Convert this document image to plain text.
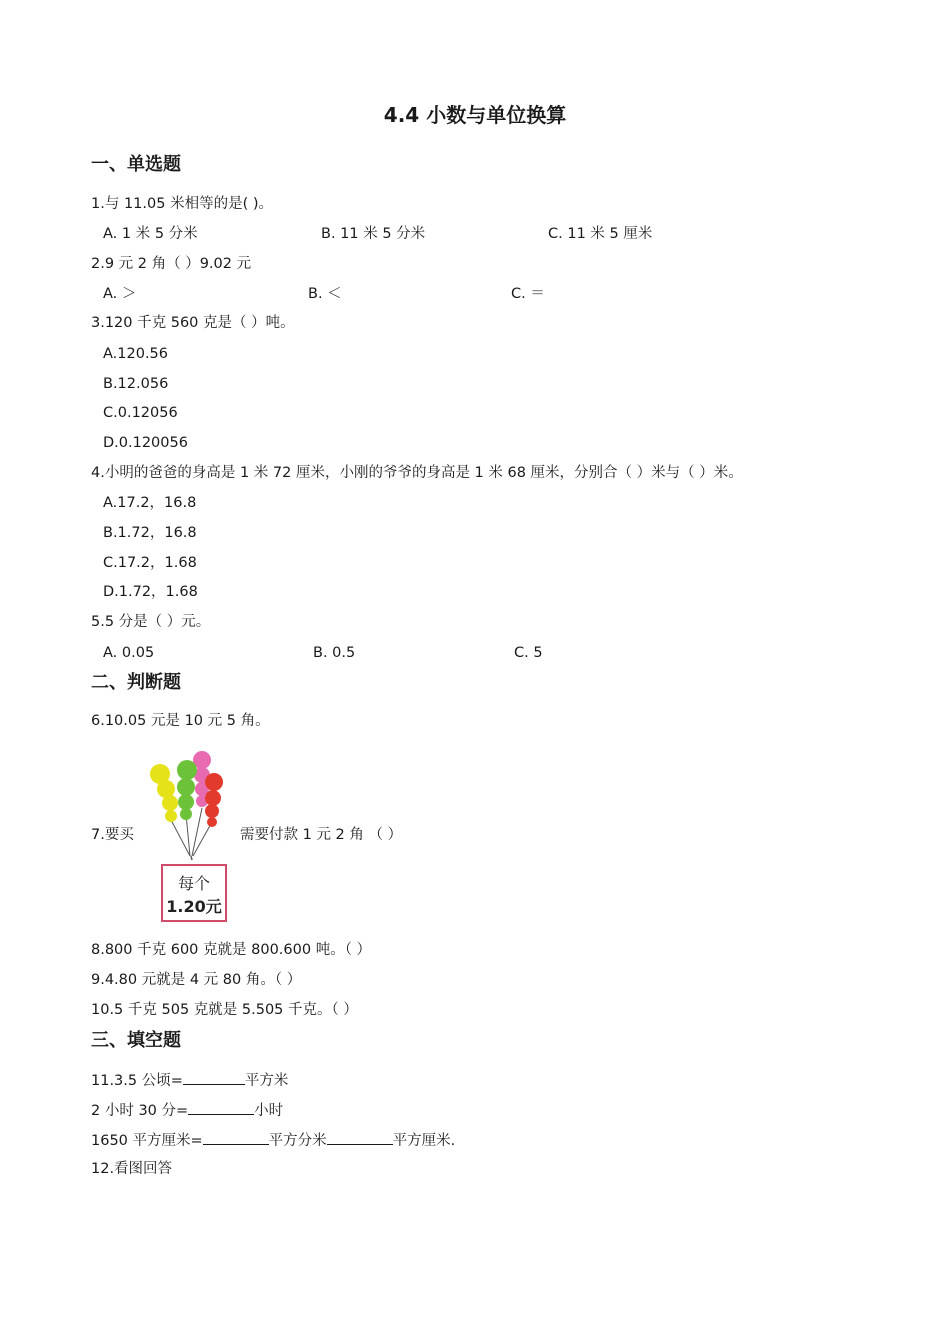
4.4 小数与单位换算
一、单选题
1.与 11.05 米相等的是( )。
A. 1 米 5 分米	B. 11 米 5 分米	C. 11 米 5 厘米
2.9 元 2 角（ ）9.02 元
A. ＞	B. ＜	C. ＝
3.120 千克 560 克是（ ）吨。
A.120.56
B.12.056
C.0.12056
D.0.120056
4.小明的爸爸的身高是 1 米 72 厘米，小刚的爷爷的身高是 1 米 68 厘米，分别合（ ）米与（ ）米。
A.17.2，16.8
B.1.72，16.8
C.17.2，1.68
D.1.72，1.68
5.5 分是（ ）元。
A. 0.05	B. 0.5	C. 5
二、判断题
6.10.05 元是 10 元 5 角。
7.要买
每个
1.20元
需要付款 1 元 2 角 （ ）
8.800 千克 600 克就是 800.600 吨。（ ）
9.4.80 元就是 4 元 80 角。（ ）
10.5 千克 505 克就是 5.505 千克。（ ）
三、填空题
11.3.5 公顷=	平方米
2 小时 30 分=	小时
1650 平方厘米=	平方分米	平方厘米.
12.看图回答
